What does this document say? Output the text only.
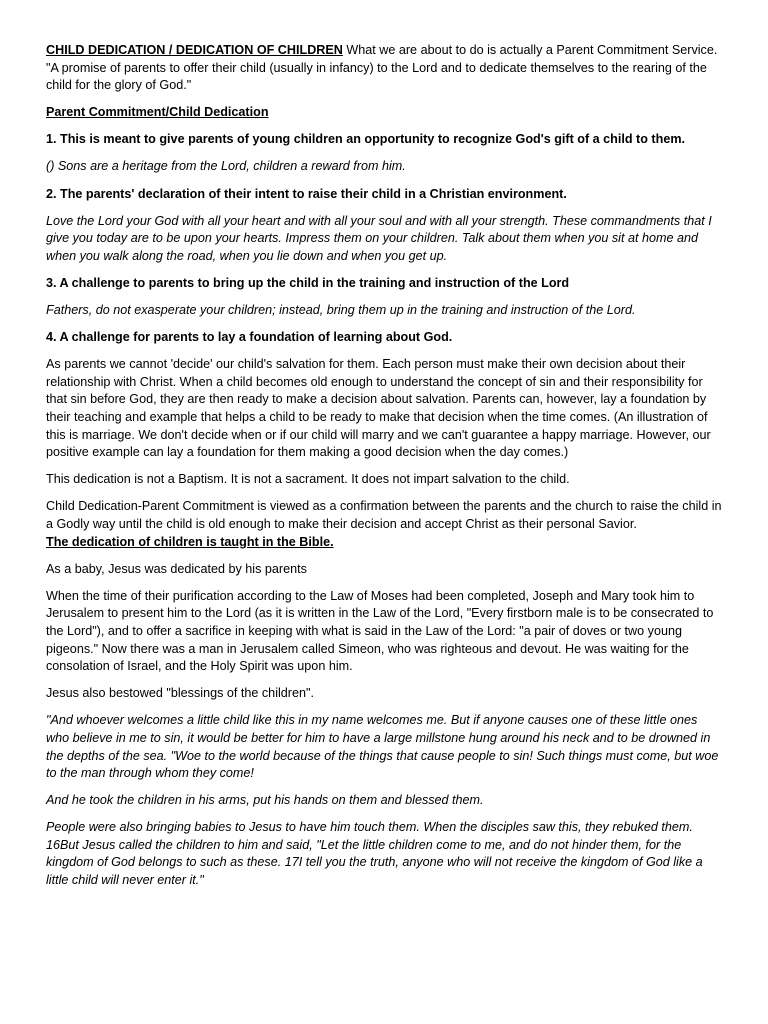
CHILD DEDICATION / DEDICATION OF CHILDREN What we are about to do is actually a Parent Commitment Service. "A promise of parents to offer their child (usually in infancy) to the Lord and to dedicate themselves to the rearing of the child for the glory of God."

Parent Commitment/Child Dedication

1. This is meant to give parents of young children an opportunity to recognize God's gift of a child to them.

() Sons are a heritage from the Lord, children a reward from him.

2. The parents' declaration of their intent to raise their child in a Christian environment.

Love the Lord your God with all your heart and with all your soul and with all your strength. These commandments that I give you today are to be upon your hearts. Impress them on your children. Talk about them when you sit at home and when you walk along the road, when you lie down and when you get up.

3. A challenge to parents to bring up the child in the training and instruction of the Lord

Fathers, do not exasperate your children; instead, bring them up in the training and instruction of the Lord.

4. A challenge for parents to lay a foundation of learning about God.

As parents we cannot 'decide' our child's salvation for them. Each person must make their own decision about their relationship with Christ. When a child becomes old enough to understand the concept of sin and their responsibility for that sin before God, they are then ready to make a decision about salvation. Parents can, however, lay a foundation by their teaching and example that helps a child to be ready to make that decision when the time comes. (An illustration of this is marriage. We don't decide when or if our child will marry and we can't guarantee a happy marriage. However, our positive example can lay a foundation for them making a good decision when the day comes.)

This dedication is not a Baptism. It is not a sacrament. It does not impart salvation to the child.

Child Dedication-Parent Commitment is viewed as a confirmation between the parents and the church to raise the child in a Godly way until the child is old enough to make their decision and accept Christ as their personal Savior.

The dedication of children is taught in the Bible.

As a baby, Jesus was dedicated by his parents

When the time of their purification according to the Law of Moses had been completed, Joseph and Mary took him to Jerusalem to present him to the Lord (as it is written in the Law of the Lord, "Every firstborn male is to be consecrated to the Lord"), and to offer a sacrifice in keeping with what is said in the Law of the Lord: "a pair of doves or two young pigeons." Now there was a man in Jerusalem called Simeon, who was righteous and devout. He was waiting for the consolation of Israel, and the Holy Spirit was upon him.

Jesus also bestowed "blessings of the children".

"And whoever welcomes a little child like this in my name welcomes me. But if anyone causes one of these little ones who believe in me to sin, it would be better for him to have a large millstone hung around his neck and to be drowned in the depths of the sea. "Woe to the world because of the things that cause people to sin! Such things must come, but woe to the man through whom they come!

And he took the children in his arms, put his hands on them and blessed them.

People were also bringing babies to Jesus to have him touch them. When the disciples saw this, they rebuked them. 16But Jesus called the children to him and said, "Let the little children come to me, and do not hinder them, for the kingdom of God belongs to such as these. 17I tell you the truth, anyone who will not receive the kingdom of God like a little child will never enter it."
